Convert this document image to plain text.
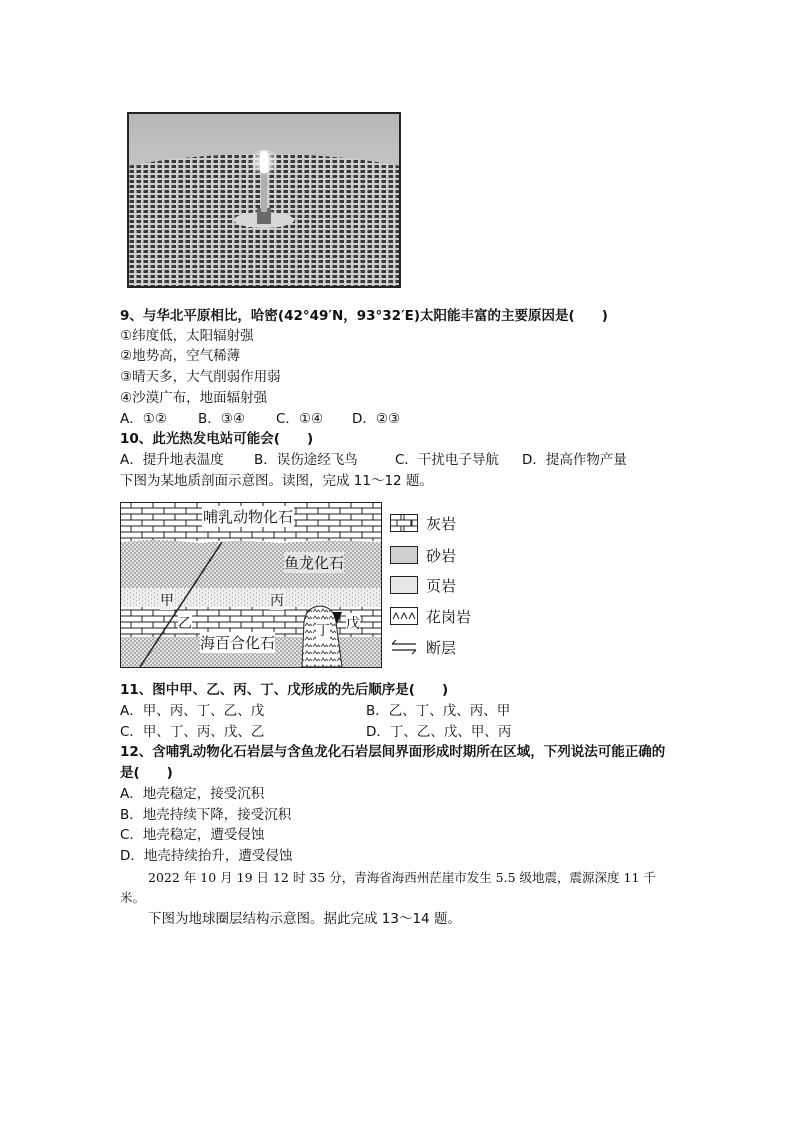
9、与华北平原相比，哈密(42°49′N，93°32′E)太阳能丰富的主要原因是(　　)
①纬度低，太阳辐射强
②地势高，空气稀薄
③晴天多，大气削弱作用弱
④沙漠广布，地面辐射强
A．①② B．③④ C．①④ D．②③
10、此光热发电站可能会(　　)
A．提升地表温度 B．误伤途经飞鸟	C．干扰电子导航 D．提高作物产量
下图为某地质剖面示意图。读图，完成 11～12 题。
哺乳动物化石
鱼龙化石
甲	丙
乙	丁 戊
海百合化石
灰岩
砂岩
页岩
花岗岩
断层
11、图中甲、乙、丙、丁、戊形成的先后顺序是(　　)
A．甲、丙、丁、乙、戊	B．乙、丁、戊、丙、甲
C．甲、丁、丙、戊、乙	D．丁、乙、戊、甲、丙
12、含哺乳动物化石岩层与含鱼龙化石岩层间界面形成时期所在区域，下列说法可能正确的
是(　　)
A．地壳稳定，接受沉积
B．地壳持续下降，接受沉积
C．地壳稳定，遭受侵蚀
D．地壳持续抬升，遭受侵蚀
2022 年 10 月 19 日 12 时 35 分，青海省海西州茫崖市发生 5.5 级地震，震源深度 11 千
米。
下图为地球圈层结构示意图。据此完成 13～14 题。
